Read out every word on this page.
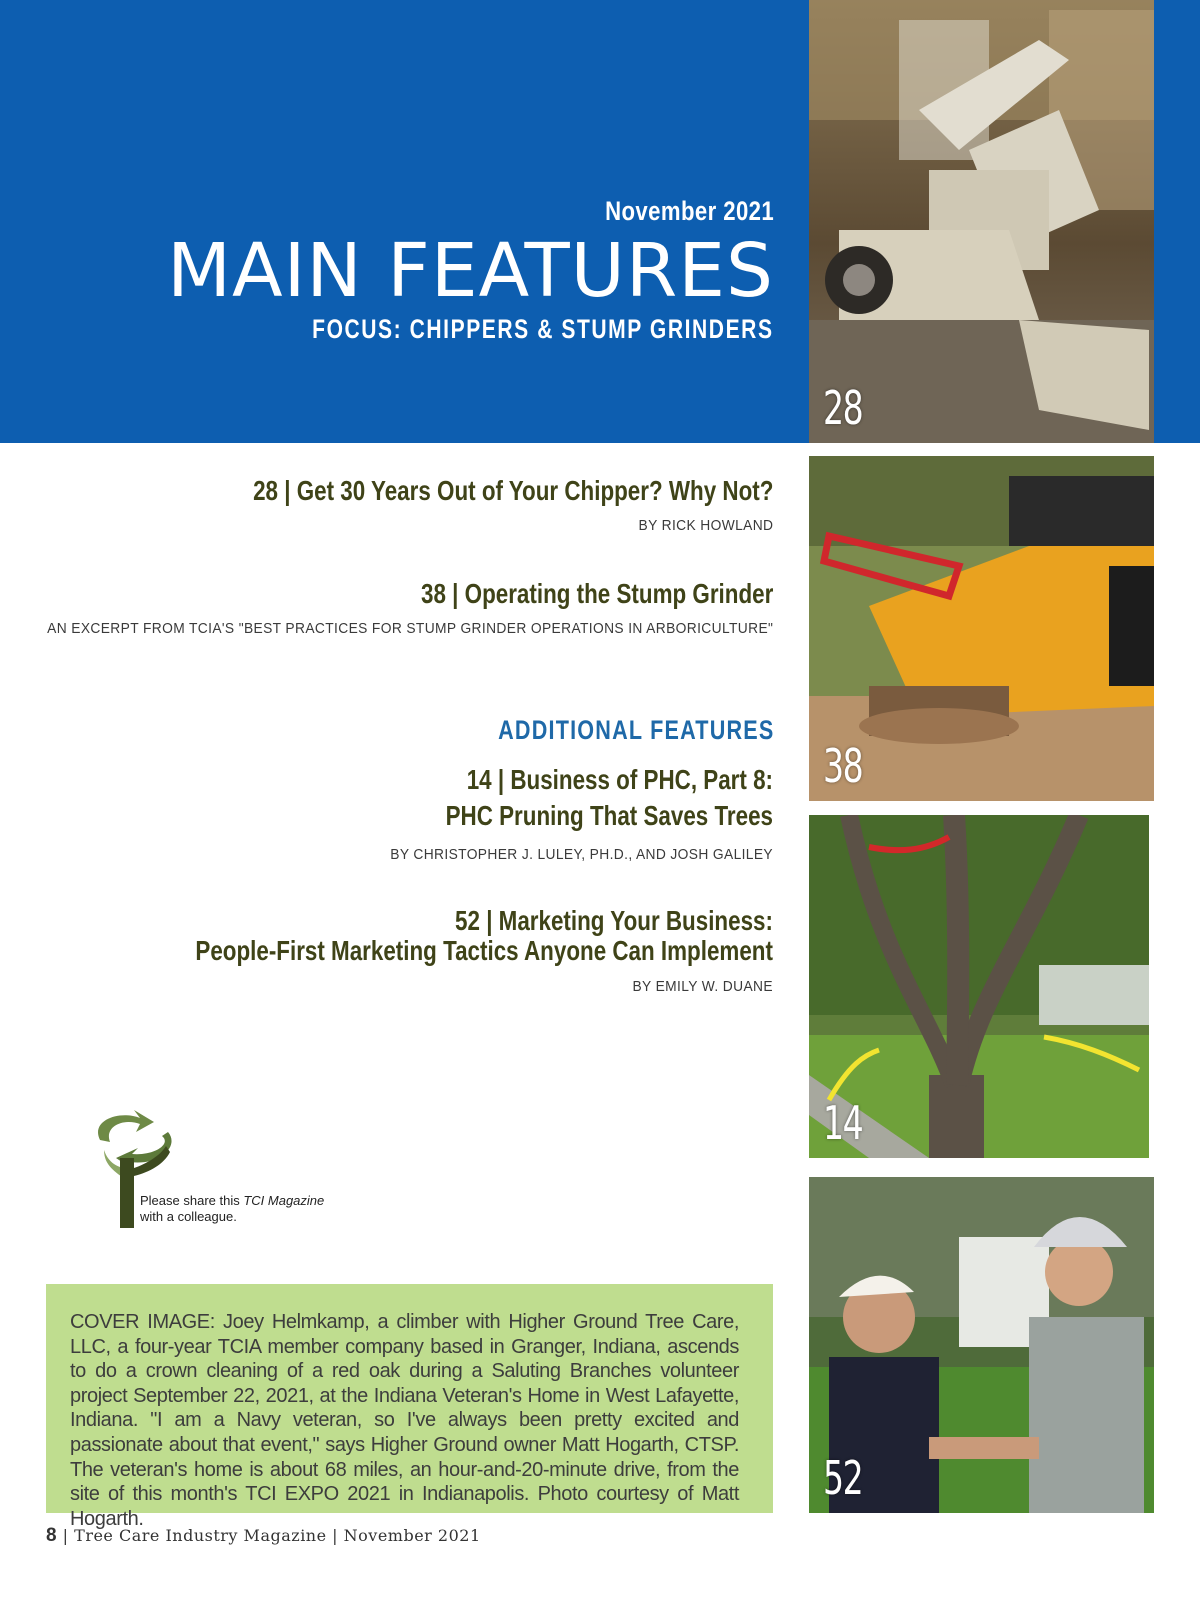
November 2021
MAIN FEATURES
FOCUS: CHIPPERS & STUMP GRINDERS
28
38
14
52
28 | Get 30 Years Out of Your Chipper? Why Not?
BY RICK HOWLAND
38 | Operating the Stump Grinder
AN EXCERPT FROM TCIA'S "BEST PRACTICES FOR STUMP GRINDER OPERATIONS IN ARBORICULTURE"
ADDITIONAL FEATURES
14 | Business of PHC, Part 8:
PHC Pruning That Saves Trees
BY CHRISTOPHER J. LULEY, PH.D., AND JOSH GALILEY
52 | Marketing Your Business:
People-First Marketing Tactics Anyone Can Implement
BY EMILY W. DUANE
Please share this TCI Magazine
with a colleague.

COVER IMAGE: Joey Helmkamp, a climber with Higher Ground Tree Care, LLC, a four-year TCIA member company based in Granger, Indiana, ascends to do a crown cleaning of a red oak during a Saluting Branches volunteer project September 22, 2021, at the Indiana Veteran's Home in West Lafayette, Indiana. "I am a Navy veteran, so I've always been pretty excited and passionate about that event," says Higher Ground owner Matt Hogarth, CTSP. The veteran's home is about 68 miles, an hour-and-20-minute drive, from the site of this month's TCI EXPO 2021 in Indianapolis. Photo courtesy of Matt Hogarth.

8 | Tree Care Industry Magazine | November 2021
